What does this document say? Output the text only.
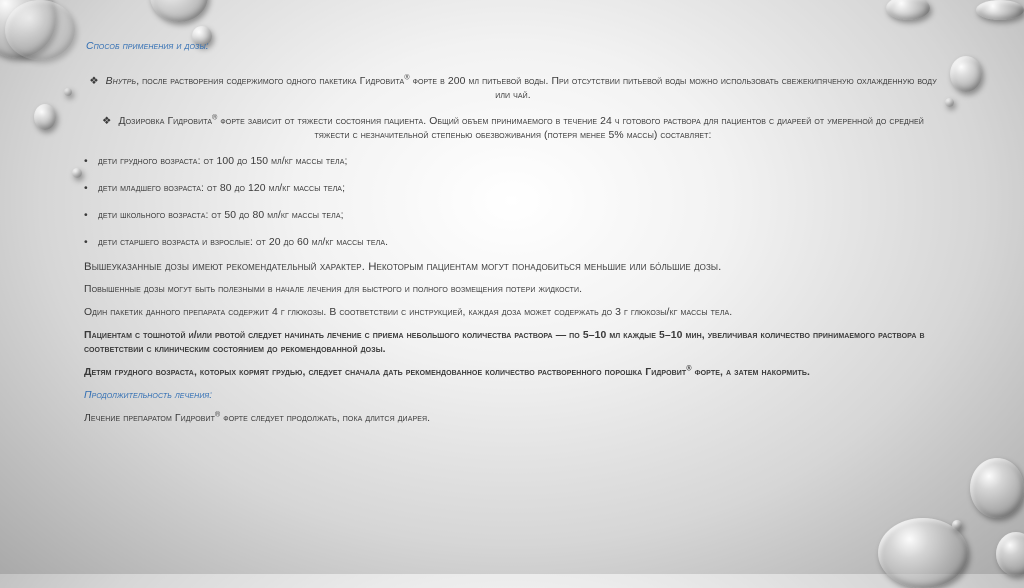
Способ применения и дозы:

❖ Внутрь, после растворения содержимого одного пакетика Гидровита® форте в 200 мл питьевой воды. При отсутствии питьевой воды можно использовать свежекипяченую охлажденную воду или чай.

❖ Дозировка Гидровита® форте зависит от тяжести состояния пациента. Общий объем принимаемого в течение 24 ч готового раствора для пациентов с диареей от умеренной до средней тяжести с незначительной степенью обезвоживания (потеря менее 5% массы) составляет:

• дети грудного возраста: от 100 до 150 мл/кг массы тела;

• дети младшего возраста: от 80 до 120 мл/кг массы тела;

• дети школьного возраста: от 50 до 80 мл/кг массы тела;

• дети старшего возраста и взрослые: от 20 до 60 мл/кг массы тела.

Вышеуказанные дозы имеют рекомендательный характер. Некоторым пациентам могут понадобиться меньшие или бо́льшие дозы.

Повышенные дозы могут быть полезными в начале лечения для быстрого и полного возмещения потери жидкости.

Один пакетик данного препарата содержит 4 г глюкозы. В соответствии с инструкцией, каждая доза может содержать до 3 г глюкозы/кг массы тела.

Пациентам с тошнотой и/или рвотой следует начинать лечение с приема небольшого количества раствора — по 5–10 мл каждые 5–10 мин, увеличивая количество принимаемого раствора в соответствии с клиническим состоянием до рекомендованной дозы.

Детям грудного возраста, которых кормят грудью, следует сначала дать рекомендованное количество растворенного порошка Гидровит® форте, а затем накормить.

Продолжительность лечения:

Лечение препаратом Гидровит® форте следует продолжать, пока длится диарея.
